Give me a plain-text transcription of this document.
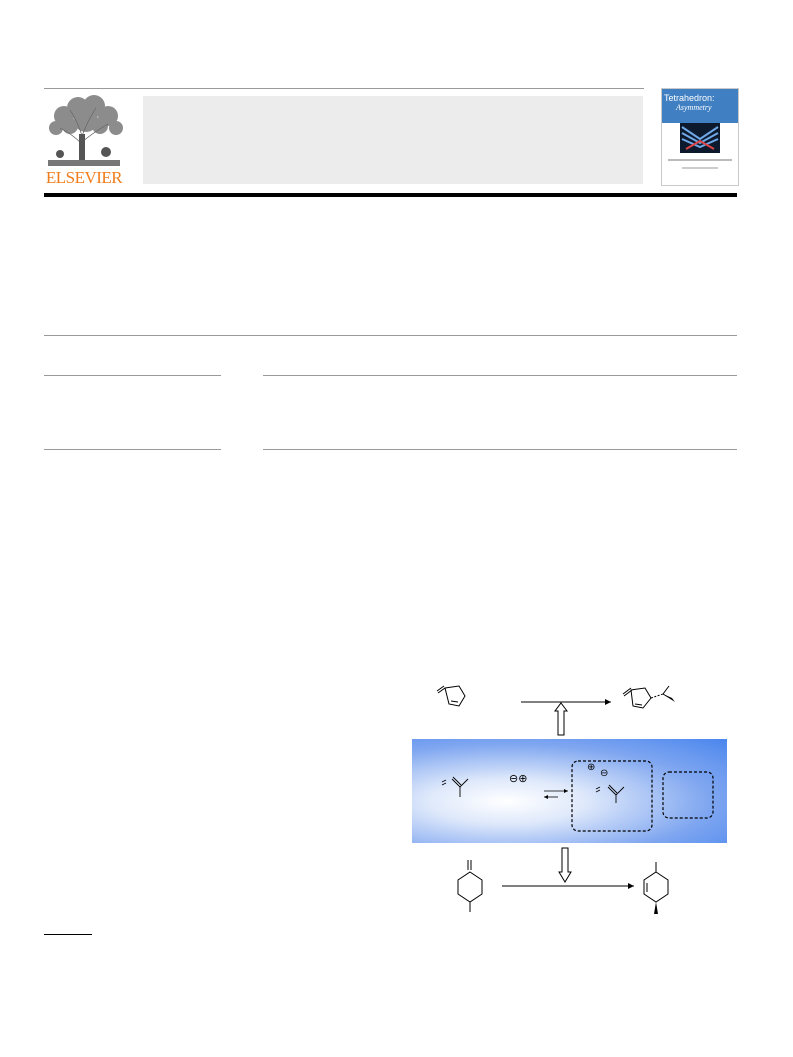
ELSEVIER
Tetrahedron:
Asymmetry
⊖⊕
⊕
⊖
